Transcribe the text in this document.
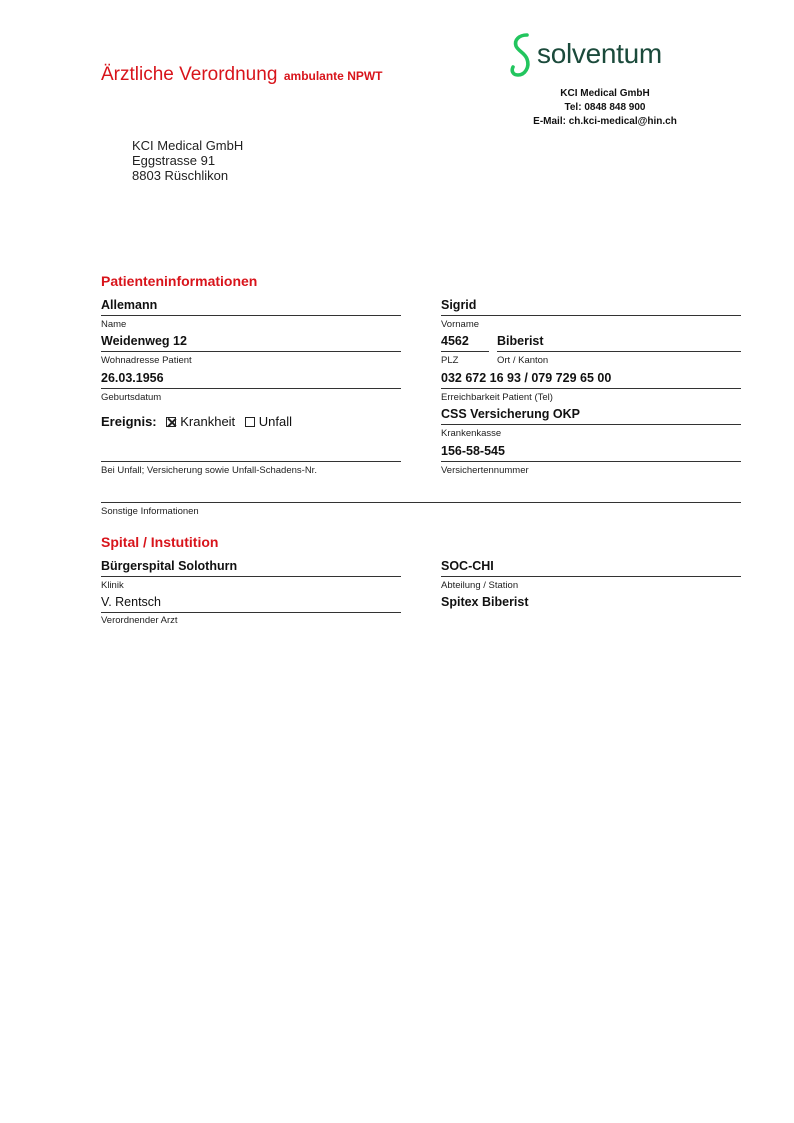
Ärztliche Verordnung ambulante NPWT
solventum
KCI Medical GmbH
Tel: 0848 848 900
E-Mail: ch.kci-medical@hin.ch
KCI Medical GmbH
Eggstrasse 91
8803 Rüschlikon
Patienteninformationen
Allemann
Name
Sigrid
Vorname
Weidenweg 12
Wohnadresse Patient
4562
PLZ
Biberist
Ort / Kanton
26.03.1956
Geburtsdatum
032 672 16 93 / 079 729 65 00
Erreichbarkeit Patient (Tel)
Ereignis: Krankheit Unfall	CSS Versicherung OKP
Krankenkasse
Bei Unfall; Versicherung sowie Unfall-Schadens-Nr.
156-58-545
Versichertennummer
Sonstige Informationen
Spital / Instutition
Bürgerspital Solothurn
Klinik
SOC-CHI
Abteilung / Station
V. Rentsch
Verordnender Arzt
Spitex Biberist
